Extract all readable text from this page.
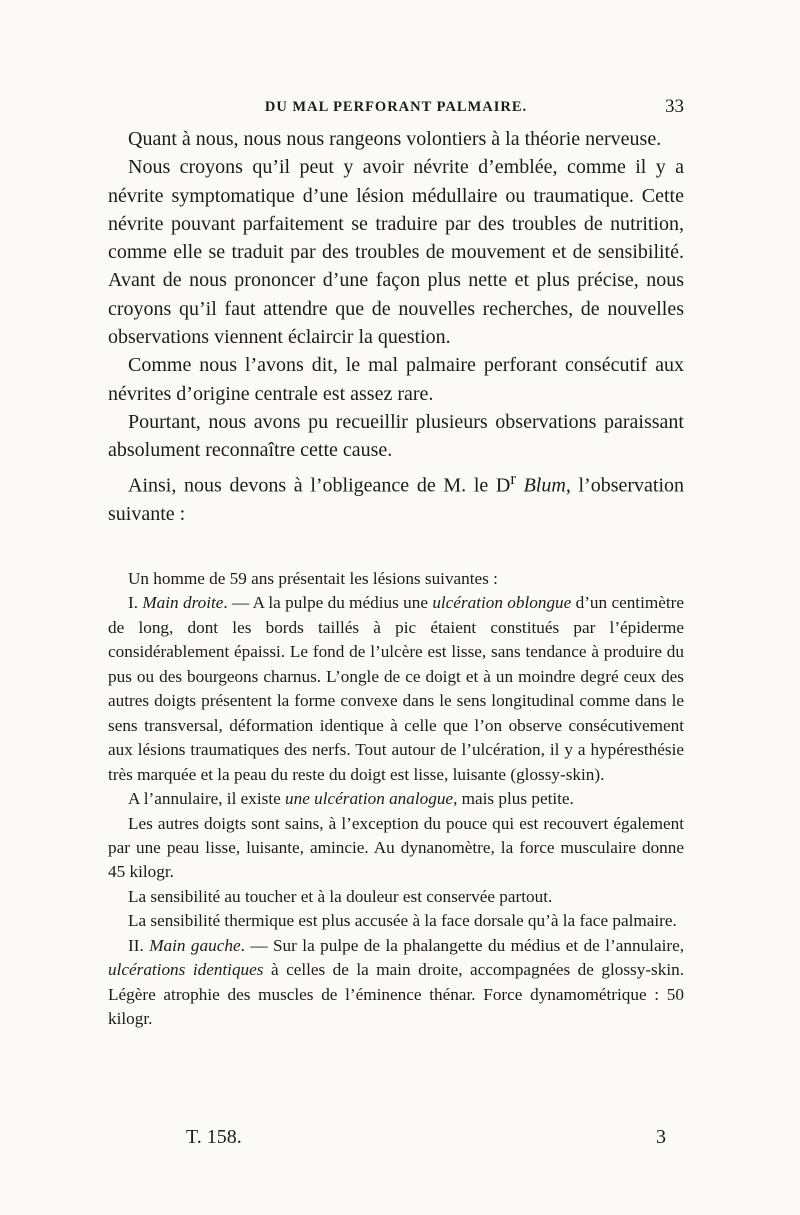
DU MAL PERFORANT PALMAIRE.	33

Quant à nous, nous nous rangeons volontiers à la théorie nerveuse.

Nous croyons qu’il peut y avoir névrite d’emblée, comme il y a névrite symptomatique d’une lésion médullaire ou traumatique. Cette névrite pouvant parfaitement se traduire par des troubles de nutrition, comme elle se traduit par des troubles de mouvement et de sensibilité. Avant de nous prononcer d’une façon plus nette et plus précise, nous croyons qu’il faut attendre que de nouvelles recherches, de nouvelles observations viennent éclaircir la question.

Comme nous l’avons dit, le mal palmaire perforant consécutif aux névrites d’origine centrale est assez rare.

Pourtant, nous avons pu recueillir plusieurs observations paraissant absolument reconnaître cette cause.

Ainsi, nous devons à l’obligeance de M. le $D^r$ Blum, l’observation suivante :

Un homme de 59 ans présentait les lésions suivantes :

I. Main droite. — A la pulpe du médius une ulcération oblongue d’un centimètre de long, dont les bords taillés à pic étaient constitués par l’épiderme considérablement épaissi. Le fond de l’ulcère est lisse, sans tendance à produire du pus ou des bourgeons charnus. L’ongle de ce doigt et à un moindre degré ceux des autres doigts présentent la forme convexe dans le sens longitudinal comme dans le sens transversal, déformation identique à celle que l’on observe consécutivement aux lésions traumatiques des nerfs. Tout autour de l’ulcération, il y a hypéresthésie très marquée et la peau du reste du doigt est lisse, luisante (glossy-skin).

A l’annulaire, il existe une ulcération analogue, mais plus petite.

Les autres doigts sont sains, à l’exception du pouce qui est recouvert également par une peau lisse, luisante, amincie. Au dynanomètre, la force musculaire donne 45 kilogr.

La sensibilité au toucher et à la douleur est conservée partout.

La sensibilité thermique est plus accusée à la face dorsale qu’à la face palmaire.

II. Main gauche. — Sur la pulpe de la phalangette du médius et de l’annulaire, ulcérations identiques à celles de la main droite, accompagnées de glossy-skin. Légère atrophie des muscles de l’éminence thénar. Force dynamométrique : 50 kilogr.

T. 158.	3
